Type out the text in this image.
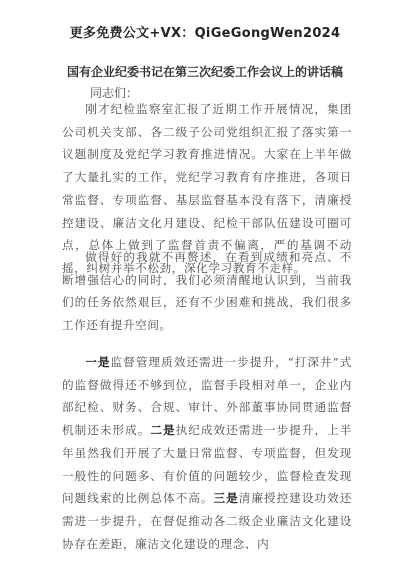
更多免费公文+VX：QiGeGongWen2024
国有企业纪委书记在第三次纪委工作会议上的讲话稿
同志们：

刚才纪检监察室汇报了近期工作开展情况，集团公司机关支部、各二级子公司党组织汇报了落实第一议题制度及党纪学习教育推进情况。大家在上半年做了大量扎实的工作，党纪学习教育有序推进，各项日常监督、专项监督、基层监督基本没有落下，清廉授控建设、廉洁文化月建设、纪检干部队伍建设可圈可点，总体上做到了监督首责不偏离，严的基调不动摇，纠树并举不松劲，深化学习教育不走样。

做得好的我就不再赘述，在看到成绩和亮点、不断增强信心的同时，我们必须清醒地认识到，当前我们的任务依然艰巨，还有不少困难和挑战，我们很多工作还有提升空间。

一是监督管理质效还需进一步提升，“打深井”式的监督做得还不够到位，监督手段相对单一，企业内部纪检、财务、合规、审计、外部董事协同贯通监督机制还未形成。二是执纪成效还需进一步提升，上半年虽然我们开展了大量日常监督、专项监督，但发现一般性的问题多、有价值的问题较少，监督检查发现问题线索的比例总体不高。三是清廉授控建设功效还需进一步提升，在督促推动各二级企业廉洁文化建设协存在差距，廉洁文化建设的理念、内
